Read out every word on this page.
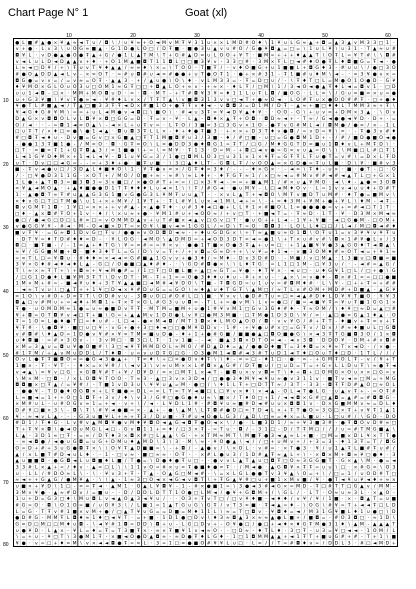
Chart Page N° 1	Goat (xl)
10	20	30	40	50	60
10
20
30
40
50
60
70
80
● L ■ # ▲ ● × ¥ ▲ ≈ ◄ T ∪ / ◘ \ / ∪ ¥ ≈ + O ◄ M v M Ŧ ¥ 3 1 ∪ × × L M D # O ♦ \ 1 ¥ ∪ L G ≈ ▲ + ◘ = ▲ 3 ▲ v M 3 3 □ 1 ·
v + ● · L v 3 \ ∪ O G ≈ ■ ▲ · G 1 D ● L O □ / D Ŧ ■ · ■ ● 3 ∪ ▲ v ∪ # O / G ● ¥ ◘ ▲ = □ = \ 1 ∪ L ¥ \ ∪ 3 1 · T ▲ ≈ ∪ #
◘ ¥ L · v D ● ▲ ● O ● Ŧ ▲ + G / ● 1 L ▲ T M \ T + G # ▲ D ≈ ∪ L O O + ¥ T · ■ M = + + + ♦ ▲ ▲ T \ O Ŧ L = ¥ T # \ \ ◘ #
v ◄ L ∪ L D ◄ D ▲ ▲ v + ♦ · + O 1 M ▲ ■ ◘ T 1 1 ◘ L □ □ ■ 3 ¥ v - 3 3 □ # · 3 M × Ŧ L □ ◄ # ♦ O ● Ŧ L ♦ ◘ ■ G = Ŧ ◄ · ●
L ≈ ◄ □ D ¥ / + \ Ŧ ∪ v T ¥ ♦ ▲ ▲ / ≈ ≈ ♦ \ × = \ T O O - T ■ Ŧ / - v ♦ O ■ G + ∪ 1 ■ ■ L + ◘ G ♦ 3 - # ∪ ∪ \ / ● □ 3 O
# ● O ▲ D D ▲ ◄ L v - × ≈ O T · = # ∪ ◘ # ∪ ◄ ≈ # ● ● + ∪ T ● O Ŧ 1 · ● + × # 3 1 - Ŧ 1 ■ # ∪ ♦ M \ ◄ - · ≈ 3 ¥ ● v × =
◘ G ● = v v = / = v ≈ = O Ŧ - ▲ ▲ 3 · + / ▲ ∪ ● \ O \ ♦ · v L M 3 3 = - Ŧ = D □ ∪ / - \ Ŧ ♦ T □ L = M ● O 1 O ● D · G ¥
♦ ¥ M O × G L O ∪ O 3 ∪ □ O M 1 ≈ G Ŧ □ □ + ◘ ▲ L O + ≈ v - + ≈ × · ♦ L Ŧ / □ M \ 1 / 3 ◄ O ◄ ● ▲ Ŧ ♦ L ◄ = ◘ v 1 · □ D
∪ ∪ 1 ◄ ◘ - □ × · M M + M O ◘ ∪ D · ≈ · ◘ · M T - + T # ◘ ¥ 3 ¥ = ♦ 1 1 L ∪ Ŧ L ◘ / ■ O G · L L ≈ \ / G ∪ ≈ ■ ≈ × ∪ = ●
∪ + G 3 ¥ ■ \ ¥ v Ŧ ● ≈ ◄ · ¥ # ♦ L × × / T Ŧ T ▲ \ v ■ ◘ 3 1 3 v v □ ◄ T + ● ≈ O ◄ · L O # Ŧ ∪ × ● O O # # Ŧ · □ + ● ♦
¥ ● T L # ■ ▲ ◄ / T ▲ □ ■ 3 3 Ŧ Ŧ ◄ D × # ■ 1 O + ● Ŧ Ŧ v ♦ ◄ - v ◘ ◘ 3 = D 1 M / D Ŧ - ▲ ≈ + ■ □ ♦ ♦ L T M M 3 ≈ + Ŧ \
¥ ◄ G ♦ G # ¥ M \ = = + ∪ L ◄ M ● v ◄ ◘ □ \ ■ O \ · # ◄ ∪ 3 Ŧ ≈ ¥ ◄ D ¥ ▲ ♦ ¥ · · O O - G \ + ∪ v ≈ + D M × 3 ▲ · \ O v
D ▲ G × v ◘ ◘ O L v L ◘ ¥ × ◘ □ G G = D · Ŧ = v - ¥ · L ▲ - ◘ ♦ × ▲ Ŧ + O ◘ · ◘ D ≈ ◄ + - T ≈ / G ◄ ● ● ◄ ¥ D · D + · =
O / ◄ · · - = ◘ 1 ◄ ≈ O ▲ \ - ◄ × L + ∪ Ŧ v = · L Ŧ O / 3 ■ ≈ 3 □ 3 G v × 1 O - ● Ŧ v G # M L ◄ / ◘ M ● / ● ≈ / × - 1 L
□ ∪ Ŧ T / × ♦ □ ≈ ● \ ● 1 ◄ ▲ · ◘ ∪ ◘ 3 Ŧ L L × - ♦ + ♦ ● Ŧ ■ 3 · + × × + D 3 T ♦ v ● ◘ / = v D = ¥ \ ≈ · - Ŧ ● 3 v # ♦
# □ ◘ Ŧ ◄ ♦ ∪ - D v ■ = G v □ × G ■ ▲ □ Ŧ T 1 M ■ ◘ # ∪ 3 / 3 ■ - ♦ / # □ ■ - ∪ □ = G ● ◘ M 1 D + - / # / ■ D ● ■ O ◄ ●
- ● ● 1 3 Ŧ ■ 1 ● - / M ≈ O · ◘ · G Ŧ ≈ O \ L ≈ ● D D 3 ● ♦ ◘ G 1 = Ŧ T / □ G / M ♦ G G T D ≈ ■ ∪ 1 ◘ ♦ v L + M Ŧ D \ ·
□ T · ≈ ■ ≈ Ŧ 1 + G Ŧ ◘ ▲ 3 / ≈ 1 ■ ● \ + = \ ≈ M ¥ · Ŧ 1 3 · D = M - + ◘ □ ◄ v ● = G ≈ v ∪ ▲ = O \ \ \ M ■ □ L # □ Ŧ 1
L ◄ 1 G ¥ D ♦ M × + 1 ◄ L ◄ ¥ - ◘ 1 ∪ ¥ G = 3 / 1 ● □ ◘ M L O 3 □ ∪ 3 1 × 1 × ¥ Ŧ = G Ŧ Ŧ L Ŧ ∪ ● T = v # \ = D × L Ŧ D
∪ T · D v □ □ ◄ G = - - = + 3 ♦ + ● · ■ Ŧ ∪ ■ · \ 3 □ ▲ ♦ L T - G ◘ L Ŧ / v O O ▲ = × G D ● = Ŧ ∪ L ■ · D \ ¥ · ■ # v 3
■ - Ŧ v ◄ ● ∪ □ / 3 D ▲ L ♦ ■ ♦ O \ 1 · ¥ Ŧ ● v ≈ × / G Ŧ ♦ ≈ 3 ♦ / - - - ♦ × G × · - ◄ ≈ \ Ŧ ♦ - ∪ × · ■ · ● T - □ · O
/ · □ ¥ ● D 3 1 1 G · × O T + / M O / O ■ + ≈ - ≈ # \ ≈ L ♦ + · ♦ Ŧ G Ŧ ≈ 1 / × □ ≈ ◄ = # M v # # ◄ # ◄ ▲ T L □ + G × 1
1 L ● + ▲ T ◘ 3 = ■ 3 ◘ 3 = 3 v ■ □ / × ● O # T + ≈ = / □ × 3 ¥ ◄ - ≈ = + ■ ▲ M 1 / # × ∪ ▲ ¥ M O · ◄ \ ♦ - ▲ ● ≈ 3 O ◘
≈ ¥ ▲ ◄ M O ▲ · + ▲ ♦ ■ ● ● D 1 T Ŧ ♦ ♦ ♦ L ∪ ◄ ≈ 1 \ \ Ŧ / # G ◄ · ● ∪ M ¥ - L □ ◄ M ♦ O v · L = 1 v v ◄ ∪ ∪ ♦ + D # T
1 - ▲ ● ◘ T ≈ Ŧ # ∪ ▲ ▲ G 3 G 1 ■ v G ● G 3 L ¥ M Ŧ ∪ ∪ ▲ T · · × v L ▲ T + ◄ ◘ O \ M Ŧ v ■ D T ∪ M # · ♦ T ● = ■ M v \
× ♦ v G □ T □ T M ● \ ∪ 1 + × + M ¥ / 1 ¥ T + · Ŧ L # ¥ L ∪ × ◄ 1 M L ◄ + = \ - + ≈ ♦ 3 M + ¥ M + ● + ¥ L \ ♦ M - ◄ Ŧ -
◘ v G M Ŧ 1 ◘ · 1 ¥ □ = × × + + v # ▲ - × ▲ ● Ŧ ♦ · ∪ # 3 ♦ ◄ □ ● + L L ¥ 1 × # ■ O L 1 ≈ ● ● ● ● = v + ≈ # ◄ □ T 1 T ·
□ ♦ - ▲ × ◘ # Ŧ O + 1 v - ♦ / \ × ∪ ≈ + ● - ¥ M 1 # ∪ + ◄ O O ≈ / + v □ T · + ■ ◄ T = · Ŧ ≈ D · 1 T - ¥ · D 3 M × M ◄ ≈
● □ / ● ◄ G □ D □ L # ≈ □ = v O M M D ▲ v + ∪ T # ■ × ◄ ▲ v □ G v □ T · ● ∪ G + + L ◄ - 1 ¥ + ¥ ■ · ◄ □ G ● M - □ O M +
v ● G G ¥ ¥ - # ◄ · M - O ◄ ■ × D T = × O ¥ \ ■ v ◄ ≈ 1 G G L / = D \ T = O · ◘ ◘ 3 · L O L L ♦ □ □ / L ◄ / M □ ◘ ◄ # ♦
■ v Ŧ ¥ · = G ≈ ◘ 1 D v G □ Ŧ ∪ / ● ● ≈ v O D ◘ D ◄ ≈ - + ♦ ∪ G D G × \ + T ≈ ▲ ■ ∪ ≈ O 1 ◘ \ O Ŧ ∪ 1 = v 3 ¥ ¥ v ¥ Ŧ ∪
· D T ¥ = ♦ T D # ♦ ♦ ≈ D - · ¥ L O G · ◄ M O \ ▲ D M D = + ◄ O D 3 D T ≈ ◄ = ● 1 \ + T × ∪ # v # \ ◘ × 1 # ¥ ● L v / 3
◘ □ · ■ Ŧ ■ - / - 1 ≈ ▲ + ♦ T G \ ¥ = ≈ # = = ¥ × v · ● ● 1 T ■ × O ● 3 Ŧ ▲ + ∪ ≈ □ · + 1 ▲ ■ ¥ ¥ ● 3 ▲ G O ♦ T ◄ ◘ ▲ \
≈ ¥ / G G ■ M ■ + ◘ · ■ ♦ 3 ♦ T L = G / D \ v = Ŧ + / + v ◘ = G ≈ D + + \ v ¥ = ♦ 1 ◄ - × ■ 3 O M ♦ # ≈ O T ◄ = + ¥ 1 ≈
= ≈ T L □ = ¥ ◘ ∪ · # ♦ ♦ ≈ × ◄ ◄ ≈ G # ■ ▲ 1 G v v + ● 3 ♦ / = M ♦ - D v 3 D # D · - M ■ / v □ M ▲ · 1 3 ■ ∪ □ ◘ ■ = ■
3 ¥ × G ♦ # ◄ ♦ ◄ ♦ L ▲ - G □ / O ● ■ □ ▲ ♦ # ♦ - · \ G D # ◘ ● × \ \ L ♦ Ŧ G · = L 1 □ 1 M - □ ¥ 3 ∪ / · - ◄ # = ▲ G /
T \ ≈ × ≈ Ŧ T + \ + ◘ ≈ + ¥ ◄ M ● # = / 1 □ Ŧ □ O ■ L ■ + ▲ □ ≈ G T = ¥ ● - ♦ T ¥ × · ◄ ∪ □ · ∪ ♦ G ¥ 1 □ L / □ + ● \ G
/ □ G 1 D ● ♦ L ■ ¥ M 3 Ŧ T \ D v D T · M - Ŧ + 1 ≈ = O ● 3 ♦ ♦ ∪ ♦ ∪ - # + × ∪ - · ▲ × \ = v ● ♦ - ◘ × # 1 ≈ = □ □ ● ■
1 M × M + # = - ■ ◄ ¥ ∪ ♦ + 3 T ¥ ▲ ▲ ■ □ ◄ M # ◄ ¥ D O \ T ■ - Ŧ ◘ G D = ∪ 1 ∪ v = # ◘ M ♦ # · L \ ¥ - □ + + Ŧ = + # #
· ◄ ≈ T v ∪ \ □ ▲ T + + 1 ¥ □ D ◄ × ¥ # D ∪ G = = G O \ ≈ ♦ ▲ ∪ ♦ T G Ŧ \ ▲ M □ / ≈ T L × # O M + M D # + D ■ ▲ - ▲ G ¥
≈ 1 O \ v # O + D ≈ Ŧ T \ O D # v ∪ - 3 ◘ ∪ O □ # O # L □ \ ■ · ¥ v v \ ● D # T ∪ ≈ □ ≈ ◄ ▲ # D ♦ L D ¥ ¥ T ■ O · ¥ ¥ 3
◘ ▲ □ v # M ∪ + = ◄ ♦ + M ◘ 1 + Ŧ × Ŧ × G L # G 3 ∪ ∪ ◘ ≈ - T L + = ● v M \ L v = ● □ / ■ = ◄ ■ ¥ Ŧ = ¥ ∪ Ŧ ■ 1 G G 1 ×
Ŧ ● · ∪ O M D M ≈ 1 ● = ∪ ≈ ● ■ D v Ŧ Ŧ - M T M = ■ M + ∪ ● 1 # ¥ v M 1 □ G v 3 G ♦ # ♦ - Ŧ ≈ O M / \ ♦ ¥ □ ≈ D = ▲ □ #
¥ + ◘ = O T ◘ ¥ v ◄ □ Ŧ + ■ \ G = + ▲ ▲ M v 1 D O ● L v ¥ □ ● M 3 M ■ · □ Ŧ M ● 1 D 3 D \ ¥ / ≈ · ▲ □ ● ≈ G ▲ 1 ♦ ▲ · O
Ŧ = 1 O ≈ L ● ♦ ● T □ = ♦ ∪ # - L □ ◄ - ● × M ◄ ◘ / M T 3 ◘ × ♦ L M O ▲ O O / ◘ · v v ¥ G / # + Ŧ T - ♦ ■ v + Ŧ ≈ v + Ŧ
¥ Ŧ # · \ ● ◘ ¥ · ■ □ ∪ □ ¥ - v G + ● + 3 □ ♦ ◄ □ □ ● M ¥ D D v · 1 # · + ¥ ● ∪ # × □ = G Ŧ v / D × / # ≈ ♦ ■ ∪ L □ G ◘
v # ◘ # \ ♦ ▲ D = 1 D ● v ¥ # × ¥ ≈ T M ≈ ■ ∪ D ● - ♦ + 1 + ● # G ■ / ■ ■ ● ▲ □ ◘ O ■ ● G \ × ◄ 3 Ŧ T G ■ ◘ 3 O / 1 × ◘
∪ ♦ ◘ ■ · = # × 3 O v - · 3 v M □ · ◘ 3 □ L Ŧ · 1 v 1 ■ - - ◄ · ■ ▲ 3 ◘ × D T O = ◄ - ◄ v 3 ◘ · D D O ¥ · D M + # v ◘ #
× M = 3 ▲ ∪ = ◘ ∪ ¥ ● O ■ # \ 3 □ ◄ ¥ Ŧ M M D O L ≈ M O / # D ▲ D ♦ = ▲ / ● ● D ♦ ■ T = 3 ♦ ◘ = × ¥ ≈ T × ◄ D - / × ● -
# 1 Ŧ M / + ▲ v M ∪ D D L / T ♦ ◘ · ∪ = v ∪ D Ŧ G □ G · O 3 ● M 1 ◄ ◘ # ◄ 3 # T ∪ D 1 ◄ T ♦ □ O ∪ T ♦ □ D · 1 T L / / /
O v L ● Ŧ Ŧ ■ ◘ O = = ● G ◄ 3 ● ▲ + · Ŧ ≈ ♦ \ + □ ≈ ● O v ♦ Ŧ \ \ ♦ - ≈ = □ - ♦ 1 □ · ● · ≈ - + G M Ŧ O L Ŧ - v / ¥ + T
1 ■ × - Ŧ - ¥ T - · ♦ × = × ¥ # / \ ◄ v 3 \ v ≈ ∪ M × × L # ◘ × ▲ G # / D Ŧ ■ ∪ / □ ∪ D = T = + G + L L D ∪ Ŧ \ ≈ ● Ŧ ◄
v ◄ ▲ \ ≈ ¥ v □ G · × G ◘ ¥ # T + ¥ / D ¥ D / ≈ × □ M Ŧ L × ◄ T - ■ ◘ ∪ × v v ◘ ≈ T \ ♦ + ◘ + □ O M G × O ∪ × × □ G = v
\ M × M - □ ◘ · / × L O ◘ ¥ T O O - T ≈ 3 - ▲ □ 3 v × 3 D ◄ / □ ● ● 3 ♦ M ¥ ◄ ¥ ∪ ≈ ● v 3 1 1 v · ■ T v ◄ ≈ □ M = + M G
◘ ◘ ■ × □ Ŧ ▲ / = ¥ # / - T ■ 1 v D 3 ∪ \ ¥ ¥ ∪ ▲ = M · ● □ / \ ♦ 1 L Ŧ + □ D T T ≈ / 3 T - 3 3 - ◘ Ŧ Ŧ D # ▲ O □ ≈ O L
· ● ● ¥ - T D ● ♦ O G ◘ × + L Ŧ ■ ● = D L = ≈ L T ≈ T ¥ ◄ ■ □ L □ ¥ v × ♦ \ × ◄ ▲ - O L ◄ T ● L G · ∪ ▲ v Ŧ + - = O Ŧ #
L ≈ ■ ◄ = 1 + + O □ 1 ◘ Ŧ + 3 v / ♦ \ v 3 / G # □ ● G ● ♦ ∪ ≈ \ ■ × / T ♦ O □ + 1 / ◄ ◄ ◘ × G # □ ▲ ◘ = ▲ # = # ◘ ◘ G -
× M # ∪ L - ∪ # O G v ≈ 1 = + ◄ · v + \ / ◄ · L ¥ D L 1 # - # ◘ ¥ ∪ ≈ ■ # D ◄ # ∪ ∪ × ◘ ◘ 1 v · D × G ■ M M v ≈ = D L ♦
D # ¥ □ ■ × 3 \ - ◘ \ Ŧ \ # ¥ ◄ ● ■ = × - ▲ + - ● \ ▲ M \ L Ŧ ◘ # ● D □ ≈ T D ◄ L × + Ŧ T ● O = 3 G □ × Ŧ + v ¥ Ŧ 1 ▲ 1
¥ - ≈ ◄ v L ▲ - - - G 3 ∪ ■ ¥ L + ≈ + Ŧ 3 / D ∪ ■ · Ŧ # ∪ ◄ O ● L G 3 / ▲ D \ □ ≈ = ♦ × = L ■ ∪ - L □ ∪ # / \ G D - D O
# D 1 / Ŧ ♦ G · L v # v ▲ M ◘ ¥ ● v M ♦ ¥ ◘ O ◄ ▲ G ◄ ◘ Ŧ ● O ◄ × \ / ● · L ■ 3 D 1 / ≈ + ¥ 3 ■ 3 # - ● Ŧ ◘ O v D # ≈ □
T + Ŧ ¥ × ◘ \ ● ◄ O ∪ M G L ◄ □ - G v ◘ 1 1 + ≈ ♦ / □ 3 × Ŧ - = T ∪ · ◘ / - 3 1 □ - D / T Ŧ M □ / / / ∪ = # T M G ■ ▲ \
L ▲ - 3 D 1 ≈ □ Ŧ - = ≈ / D Ŧ ♦ 3 × ◘ × # □ L ▲ ▲ \ G - + × T M ≈ M T \ M ■ Ŧ ● 3 ◄ ▲ ≈ L + ■ · □ M = ■ × D L ¥ × T T ●
- ≈ ◄ ◘ ● / ◄ ● ∪ G ◘ = ∪ G + D M ∪ ♦ ▲ M D \ 3 \ 3 · M \ ≈ - ¥ O ● ▲ \ ◄ / / □ + ∪ M v + / + 3 = 3 - ♦ 1 3 Ŧ = T / ◘ G
O = D + # + 3 ∪ G ● ◘ Ŧ × \ \ O ¥ Ŧ ▲ D ■ ■ = \ - + ◘ / - ▲ ● v / \ × O L · v # = · × T ● 3 · ¥ / ∪ 1 ▲ Ŧ L ■ # Ŧ ∪ # /
▲ / × L ■ T # D ◄ ∪ L ♦ · - 1 - □ v ≈ · ■ □ ≈ ≈ · O Ŧ - · × # L ● ∪ 3 / 1 D # ▲ Ŧ ≈ ▲ L + \ - × ◘ × M + ◘ ≈ ¥ □ ● ♦ · 3
▲ ∪ ■ ■ ◘ - ● G ◘ ◄ L ∪ ◘ ■ ♦ L ■ / T ● = \ D ● ♦ ● Ŧ ∪ □ - · ● v v L ▲ T ▲ ∪ □ ◘ Ŧ □ O ≈ 3 G G ■ T · G × ▲ \ M · ● = ◄
3 3 # L × ▲ + = / ♦ v · ▲ ≈ □ L \ \ 1 1 v O = # × ∪ ≈ Ŧ ● ■ ♦ ● ≈ Ŧ · / M ◄ ● · ▲ G ◘ ¥ × Ŧ Ŧ = ∪ ∪ \ □ · × # G ≈ \ O 3
∪ · L L / # D O ≈ L \ - \ · ¥ v 3 + Ŧ - T ▲ · O ▲ G □ M ◄ # - \ = × L G L ● ● T v 3 ¥ ▲ \ O = + \ / □ = 1 / ∪ O D # T □
≈ ◄ + + G ▲ G / ● M ¥ ▲ · \ \ ▲ - 1 ≈ 3 □ O ◄ × ◄ G ◄ v ◘ T \ + Ŧ G ▲ ¥ # □ ∪ + ■ 1 × M v ■ / ¥ · ● T ◄ ¥ ∪ ¥ ◄ ♦ + ≈ ×
∪ ■ × + ¥ D \ 1 □ - ≈ = Ŧ ◄ · ▲ M 1 · O ▲ L ¥ ◘ ¥ - 1 - # × ● ■ 1 = \ 3 ● ◄ 3 # ◄ G × = M D - Ŧ □ # T T □ G ▲ v / M M -
3 M × ¥ ● · ▲ ≈ # D v / = ■ ∪ - · D / D D L D T T 1 O ● □ L M ◄ / ● ¥ + G ◘ M + / \ G L / · L T · O ≈ ∪ ≈ 3 L · × ▲ O -
1 ∪ + D = G 3 □ ♦ \ M ∪ ◘ L v ◄ ▲ O ▲ 3 ◄ ¥ ∪ / · · O 3 + Ŧ v T □ / □ v ¥ ♦ ■ - ◄ ♦ ♦ / v ¥ / ¥ / 1 ■ · × - ◘ ▲ T = ∪ ■
# G = O · ◘ \ O 1 O = ■ / ∪ O ¥ 3 \ / L ■ 1 = 1 ▲ T G ∪ G \ G Ŧ / v T 3 ≈ ■ · Ŧ ◄ ▲ = ♦ - \ O G \ # ¥ = T + ◄ ◄ Ŧ □ L D
L = G · T Ŧ v # 1 ■ × v M + ● / □ ▲ T ¥ ∪ G = = D ■ = M ♦ 1 1 L \ ≈ = T □ ◘ v · ¥ ◘ ♦ = ◄ / M 3 1 G ¥ ■ L ♦ 1 ∪ ● □ \ D
● D # G - M M Ŧ L ◘ ♦ ≈ 1 ♦ □ ◄ ¥ T · = + ■ · 1 D 1 ● □ D v \ ♦ 3 ≈ ◘ ▲ 3 × ≈ ≈ ▲ ● L ■ + / ■ ◘ = - # O 3 ◘ □ · ≈ 1 D \
G ≈ D □ M □ □ M ♦ ∪ ◘ - \ ◄ ¥ # 1 ◘ = D D \ ◘ + ∪ - L G □ D v + - O ¥ ● □ / ● □ + ◄ ♦ × ♦ G Ŧ M ● 3 1 ♦ \ ▲ M - ▲ ▲ ▲ T
∪ ● ¥ D · L ▲ × - ¥ L = ♦ = Ŧ = T 3 ■ Ŧ × · ≈ × Ŧ ■ ¥ 1 v ◄ ≈ O · · □ D ≈ - ♦ T L ♦ · 3 □ Ŧ - ∪ 3 = ¥ □ ◄ ◄ - 1 O M / L
\ = + ∪ - ¥ □ T \ 3 ● M 1 Ŧ - × ■ ◄ O ● D ▲ ◘ ≈ - ≈ D ● Ŧ ♦ L G ♦ · 1 □ 1 ◘ M M ▲ ▲ + ◄ 1 Ŧ T + ■ ∪ G # + # - T + 1 \ ■
¥ ● · v = □ + ♦ ≈ M \ v × ◄ ◄ ◘ ● Ŧ = ≈ L · 3 = 1 □ ≈ ● ■ O # ¥ ¥ L ∪ □ · L ≈ / / T = # ◘ ♦ v = / D D L 3 · # □ ◄ M D +
